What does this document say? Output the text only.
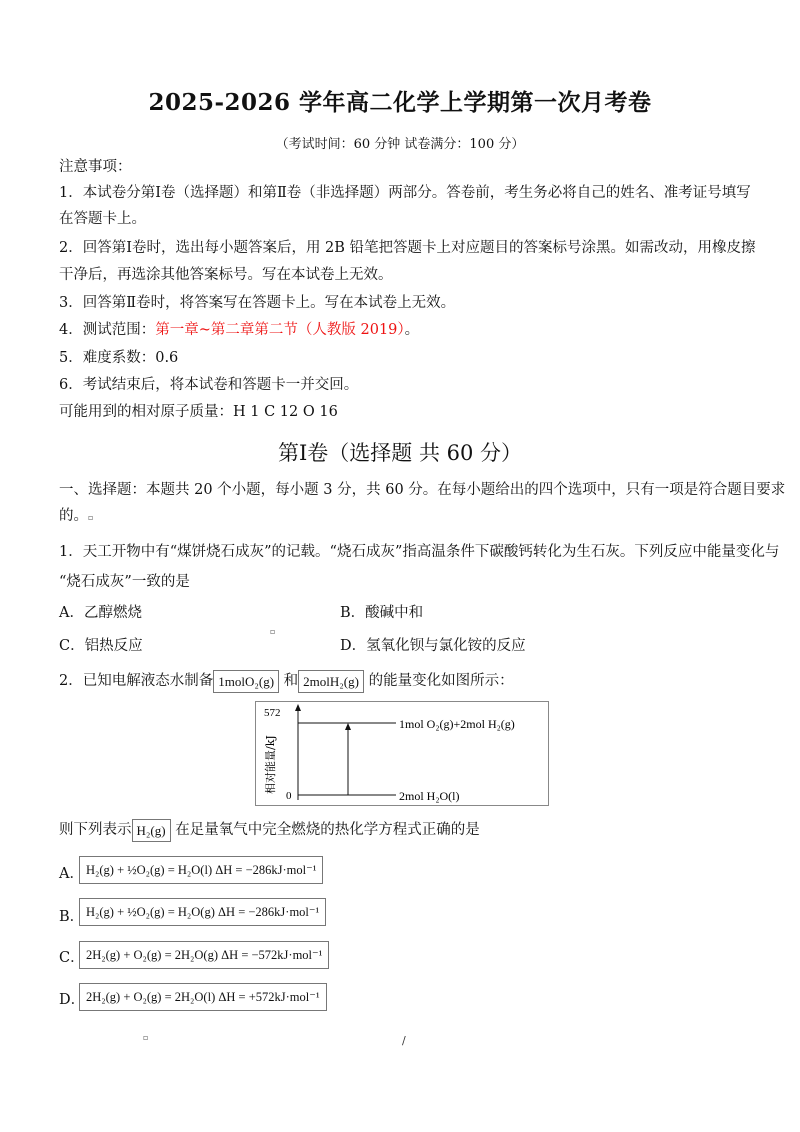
2025-2026 学年高二化学上学期第一次月考卷
（考试时间：60 分钟 试卷满分：100 分）
注意事项：
1．本试卷分第Ⅰ卷（选择题）和第Ⅱ卷（非选择题）两部分。答卷前，考生务必将自己的姓名、准考证号填写
在答题卡上。
2．回答第Ⅰ卷时，选出每小题答案后，用 2B 铅笔把答题卡上对应题目的答案标号涂黑。如需改动，用橡皮擦
干净后，再选涂其他答案标号。写在本试卷上无效。
3．回答第Ⅱ卷时，将答案写在答题卡上。写在本试卷上无效。
4．测试范围：第一章~第二章第二节（人教版 2019）。
5．难度系数：0.6
6．考试结束后，将本试卷和答题卡一并交回。
可能用到的相对原子质量：H 1 C 12 O 16
第Ⅰ卷（选择题 共 60 分）
一、选择题：本题共 20 个小题，每小题 3 分，共 60 分。在每小题给出的四个选项中，只有一项是符合题目要求
的。▫
1．天工开物中有“煤饼烧石成灰”的记载。“烧石成灰”指高温条件下碳酸钙转化为生石灰。下列反应中能量变化与
“烧石成灰”一致的是
A．乙醇燃烧	B．酸碱中和
▫
C．铝热反应	D．氢氧化钡与氯化铵的反应
2．已知电解液态水制备 1molO₂(g) 和 2molH₂(g) 的能量变化如图所示：
572
0
1mol O₂(g)+2mol H₂(g)
2mol H₂O(l)
相对能量/kJ
则下列表示 H₂(g) 在足量氧气中完全燃烧的热化学方程式正确的是
A． H₂(g) + ½O₂(g) = H₂O(l) ΔH = −286kJ·mol⁻¹
B． H₂(g) + ½O₂(g) = H₂O(g) ΔH = −286kJ·mol⁻¹
C． 2H₂(g) + O₂(g) = 2H₂O(g) ΔH = −572kJ·mol⁻¹
D． 2H₂(g) + O₂(g) = 2H₂O(l) ΔH = +572kJ·mol⁻¹
▫	/
